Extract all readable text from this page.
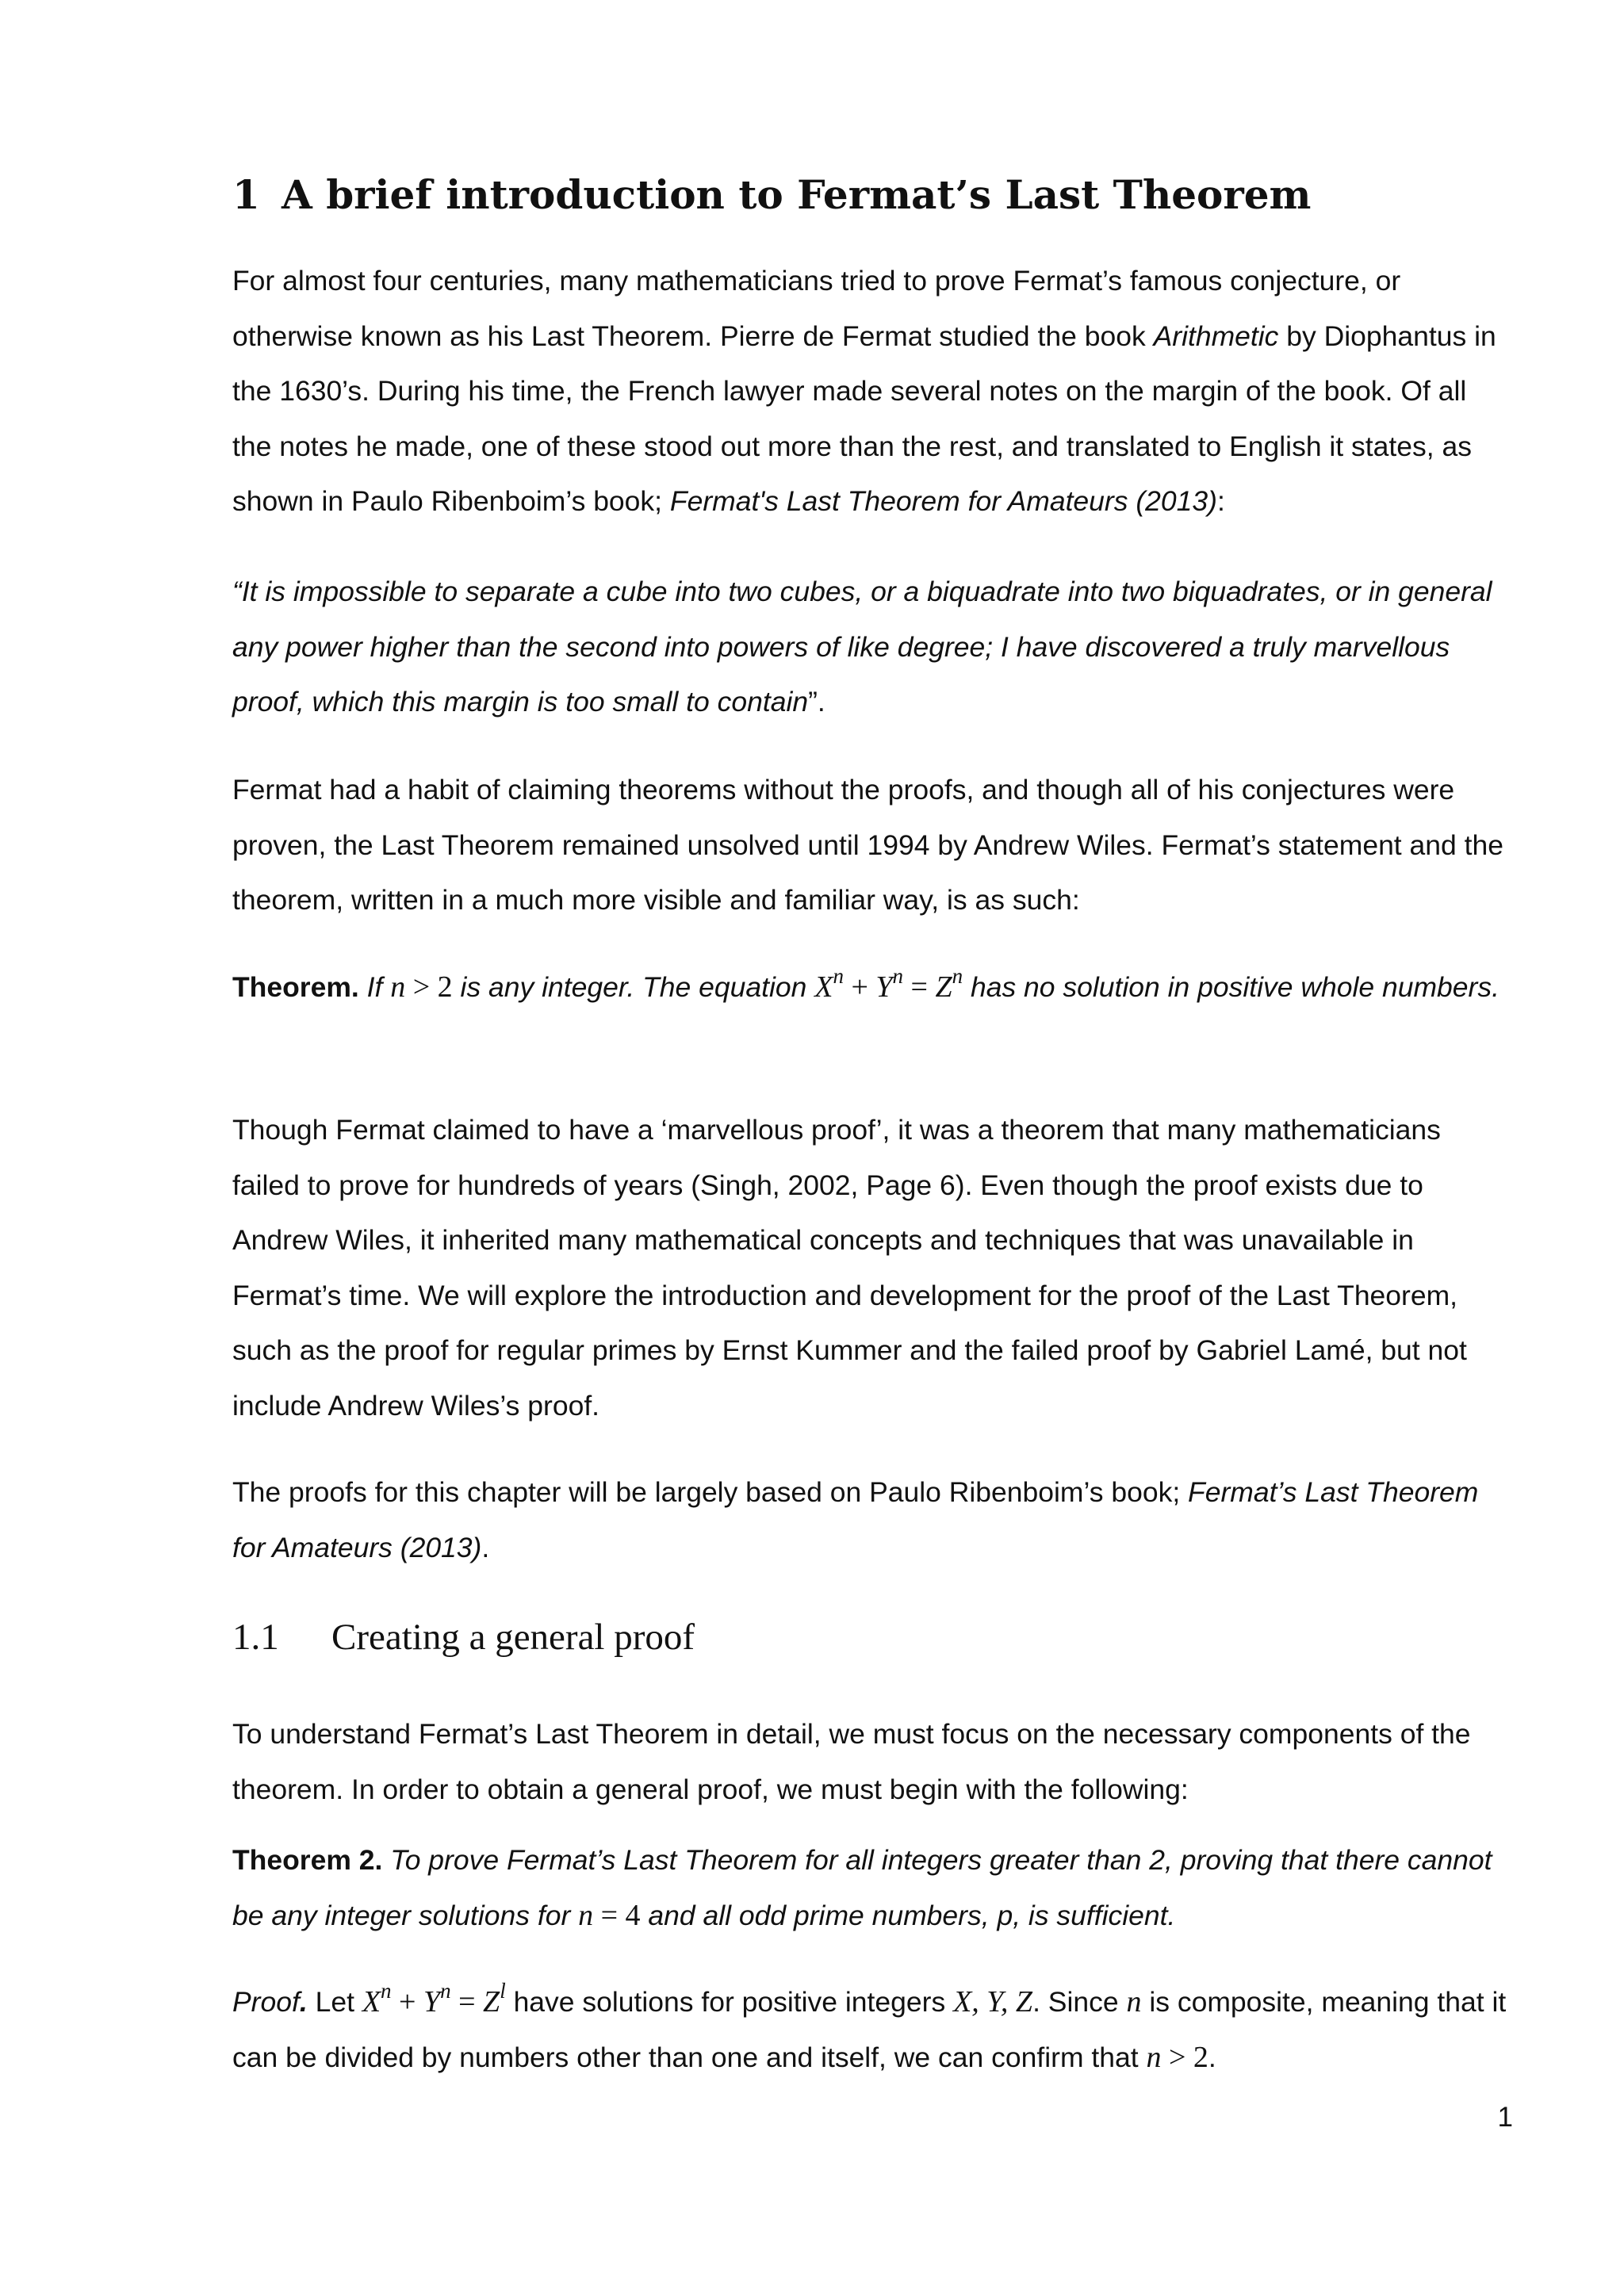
1 A brief introduction to Fermat’s Last Theorem

For almost four centuries, many mathematicians tried to prove Fermat’s famous conjecture, or otherwise known as his Last Theorem. Pierre de Fermat studied the book Arithmetic by Diophantus in the 1630’s. During his time, the French lawyer made several notes on the margin of the book. Of all the notes he made, one of these stood out more than the rest, and translated to English it states, as shown in Paulo Ribenboim’s book; Fermat's Last Theorem for Amateurs (2013):

“It is impossible to separate a cube into two cubes, or a biquadrate into two biquadrates, or in general any power higher than the second into powers of like degree; I have discovered a truly marvellous proof, which this margin is too small to contain”.

Fermat had a habit of claiming theorems without the proofs, and though all of his conjectures were proven, the Last Theorem remained unsolved until 1994 by Andrew Wiles. Fermat’s statement and the theorem, written in a much more visible and familiar way, is as such:

Theorem. If n > 2 is any integer. The equation $X^n + Y^n = Z^n$ has no solution in positive whole numbers.

Though Fermat claimed to have a ‘marvellous proof’, it was a theorem that many mathematicians failed to prove for hundreds of years (Singh, 2002, Page 6). Even though the proof exists due to Andrew Wiles, it inherited many mathematical concepts and techniques that was unavailable in Fermat’s time. We will explore the introduction and development for the proof of the Last Theorem, such as the proof for regular primes by Ernst Kummer and the failed proof by Gabriel Lamé, but not include Andrew Wiles’s proof.

The proofs for this chapter will be largely based on Paulo Ribenboim’s book; Fermat’s Last Theorem for Amateurs (2013).

1.1 Creating a general proof

To understand Fermat’s Last Theorem in detail, we must focus on the necessary components of the theorem. In order to obtain a general proof, we must begin with the following:

Theorem 2. To prove Fermat’s Last Theorem for all integers greater than 2, proving that there cannot be any integer solutions for n = 4 and all odd prime numbers, p, is sufficient.

Proof. Let $X^n + Y^n = Z^l$ have solutions for positive integers X, Y, Z. Since n is composite, meaning that it can be divided by numbers other than one and itself, we can confirm that n > 2.

1
